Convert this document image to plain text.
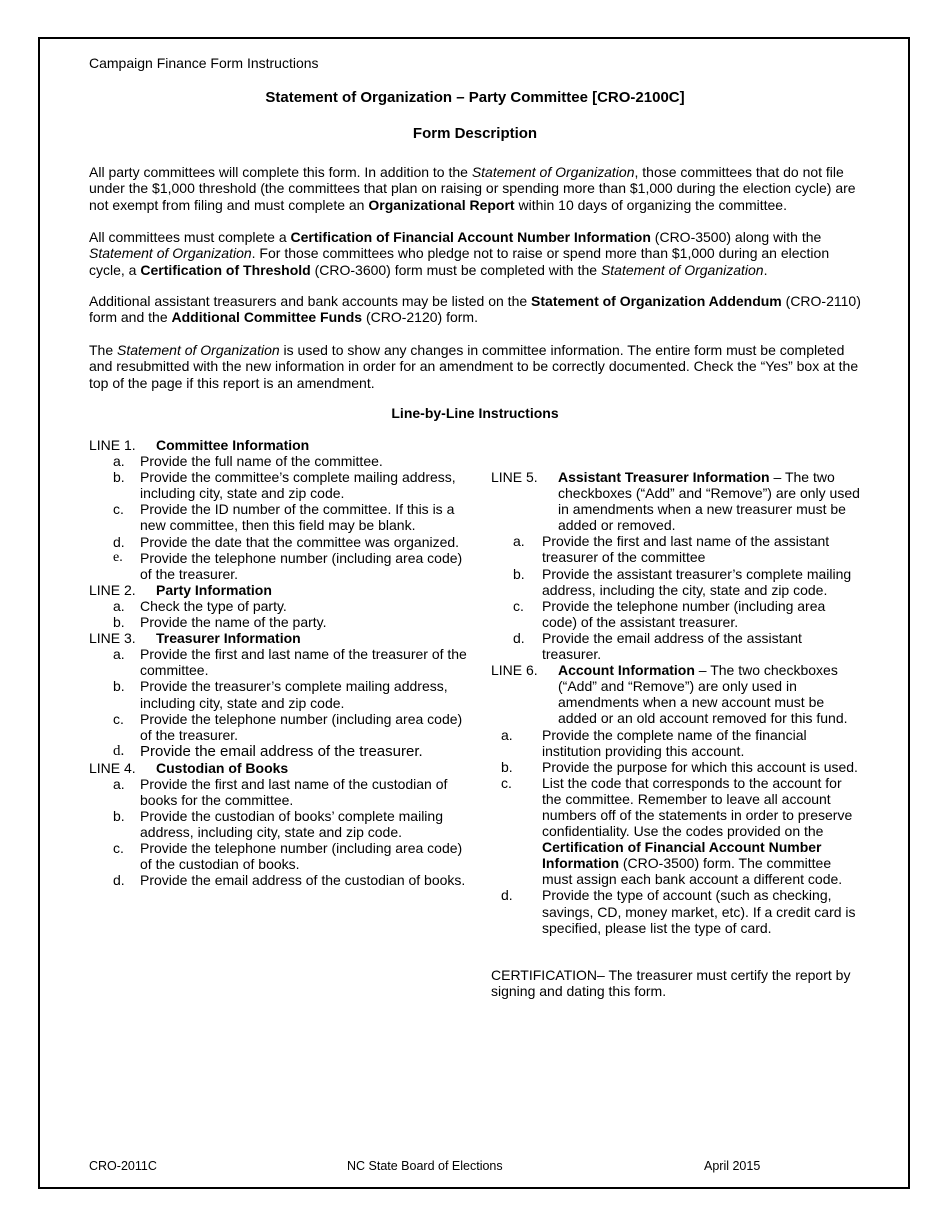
Campaign Finance Form Instructions
Statement of Organization – Party Committee [CRO-2100C]
Form Description
All party committees will complete this form. In addition to the Statement of Organization, those committees that do not file under the $1,000 threshold (the committees that plan on raising or spending more than $1,000 during the election cycle) are not exempt from filing and must complete an Organizational Report within 10 days of organizing the committee.
All committees must complete a Certification of Financial Account Number Information (CRO-3500) along with the Statement of Organization. For those committees who pledge not to raise or spend more than $1,000 during an election cycle, a Certification of Threshold (CRO-3600) form must be completed with the Statement of Organization.
Additional assistant treasurers and bank accounts may be listed on the Statement of Organization Addendum (CRO-2110) form and the Additional Committee Funds (CRO-2120) form.
The Statement of Organization is used to show any changes in committee information. The entire form must be completed and resubmitted with the new information in order for an amendment to be correctly documented. Check the “Yes” box at the top of the page if this report is an amendment.
Line-by-Line Instructions
LINE 1. Committee Information
a. Provide the full name of the committee.
b. Provide the committee’s complete mailing address, including city, state and zip code.
c. Provide the ID number of the committee. If this is a new committee, then this field may be blank.
d. Provide the date that the committee was organized.
e. Provide the telephone number (including area code) of the treasurer.
LINE 2. Party Information
a. Check the type of party.
b. Provide the name of the party.
LINE 3. Treasurer Information
a. Provide the first and last name of the treasurer of the committee.
b. Provide the treasurer’s complete mailing address, including city, state and zip code.
c. Provide the telephone number (including area code) of the treasurer.
d. Provide the email address of the treasurer.
LINE 4. Custodian of Books
a. Provide the first and last name of the custodian of books for the committee.
b. Provide the custodian of books’ complete mailing address, including city, state and zip code.
c. Provide the telephone number (including area code) of the custodian of books.
d. Provide the email address of the custodian of books.
LINE 5.	Assistant Treasurer Information – The two checkboxes (“Add” and “Remove”) are only used in amendments when a new treasurer must be added or removed.
a. Provide the first and last name of the assistant treasurer of the committee
b. Provide the assistant treasurer’s complete mailing address, including the city, state and zip code.
c. Provide the telephone number (including area code) of the assistant treasurer.
d. Provide the email address of the assistant treasurer.
LINE 6.	Account Information – The two checkboxes (“Add” and “Remove”) are only used in amendments when a new account must be added or an old account removed for this fund.
a. Provide the complete name of the financial institution providing this account.
b. Provide the purpose for which this account is used.
c. List the code that corresponds to the account for the committee. Remember to leave all account numbers off of the statements in order to preserve confidentiality. Use the codes provided on the Certification of Financial Account Number Information (CRO-3500) form. The committee must assign each bank account a different code.
d. Provide the type of account (such as checking, savings, CD, money market, etc). If a credit card is specified, please list the type of card.
CERTIFICATION– The treasurer must certify the report by signing and dating this form.
CRO-2011C	NC State Board of Elections	April 2015
